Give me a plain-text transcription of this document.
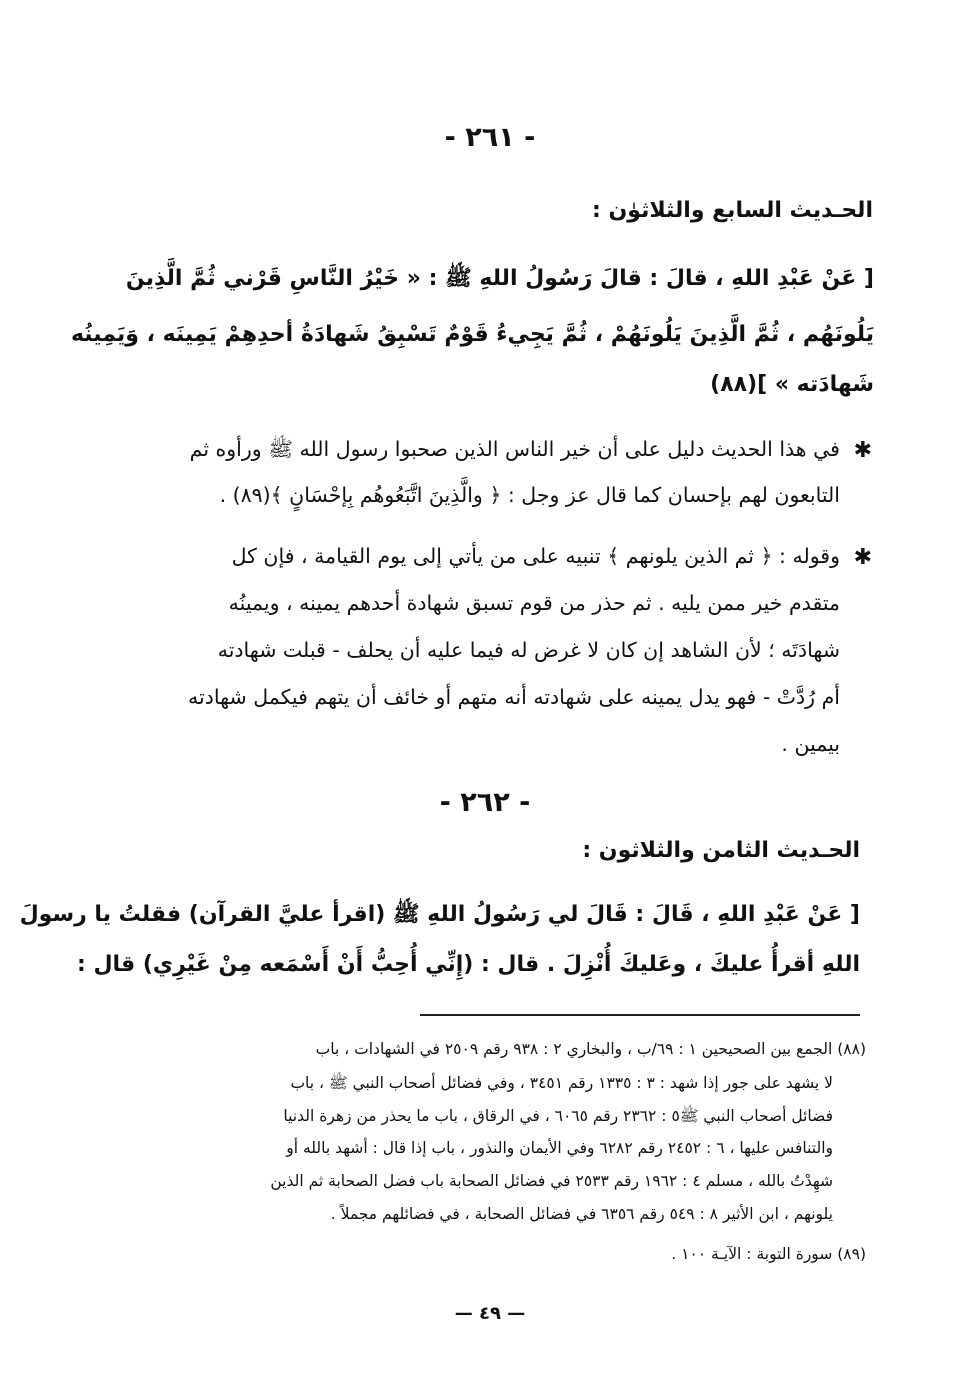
- ٢٦١ -
الحـديث السابع والثلاثوٰن :
[ عَنْ عَبْدِ اللهِ ، قالَ : قالَ رَسُولُ اللهِ ﷺ : « خَيْرُ النَّاسِ قَرْني ثُمَّ الَّذِينَ
يَلُونَهُم ، ثُمَّ الَّذِينَ يَلُونَهُمْ ، ثُمَّ يَجِيءُ قَوْمٌ تَسْبِقُ شَهادَةُ أحدِهِمْ يَمِينَه ، وَيَمِينُه
شَهادَته » ](٨٨)
✱
في هذا الحديث دليل على أن خير الناس الذين صحبوا رسول الله ﷺ ورأوه ثم
التابعون لهم بإحسان كما قال عز وجل : ﴿ والَّذِينَ اتَّبَعُوهُم بِإحْسَانٍ ﴾(٨٩) .
✱
وقوله : ﴿ ثم الذين يلونهم ﴾ تنبيه على من يأتي إلى يوم القيامة ، فإن كل
متقدم خير ممن يليه . ثم حذر من قوم تسبق شهادة أحدهم يمينه ، ويمينُه
شهادَتَه ؛ لأن الشاهد إن كان لا غرض له فيما عليه أن يحلف - قبلت شهادته
أم رُدَّتْ - فهو يدل يمينه على شهادته أنه متهم أو خائف أن يتهم فيكمل شهادته
بيمين .
- ٢٦٢ -
الحـديث الثامن والثلاثون :
[ عَنْ عَبْدِ اللهِ ، قَالَ : قَالَ لي رَسُولُ اللهِ ﷺ (اقرأ عليَّ القرآن) فقلتُ يا رسولَ
اللهِ أقرأُ عليكَ ، وعَليكَ أُنْزِلَ . قال : (إِنِّي أُحِبُّ أَنْ أَسْمَعه مِنْ غَيْرِي) قال :
(٨٨) الجمع بين الصحيحين ١ : ٦٩/ب ، والبخاري ٢ : ٩٣٨ رقم ٢٥٠٩ في الشهادات ، باب
لا يشهد على جور إذا شهد : ٣ : ١٣٣٥ رقم ٣٤٥١ ، وفي فضائل أصحاب النبي ﷺ ، باب
فضائل أصحاب النبي ﷺ٥ : ٢٣٦٢ رقم ٦٠٦٥ ، في الرقاق ، باب ما يحذر من زهرة الدنيا
والتنافس عليها ، ٦ : ٢٤٥٢ رقم ٦٢٨٢ وفي الأيمان والنذور ، باب إذا قال : أشهد بالله أو
شهِدْتُ بالله ، مسلم ٤ : ١٩٦٢ رقم ٢٥٣٣ في فضائل الصحابة باب فضل الصحابة ثم الذين
يلونهم ، ابن الأثير ٨ : ٥٤٩ رقم ٦٣٥٦ في فضائل الصحابة ، في فضائلهم مجملاً .
(٨٩) سورة التوبة : الآيـة ١٠٠ .
— ٤٩ —
